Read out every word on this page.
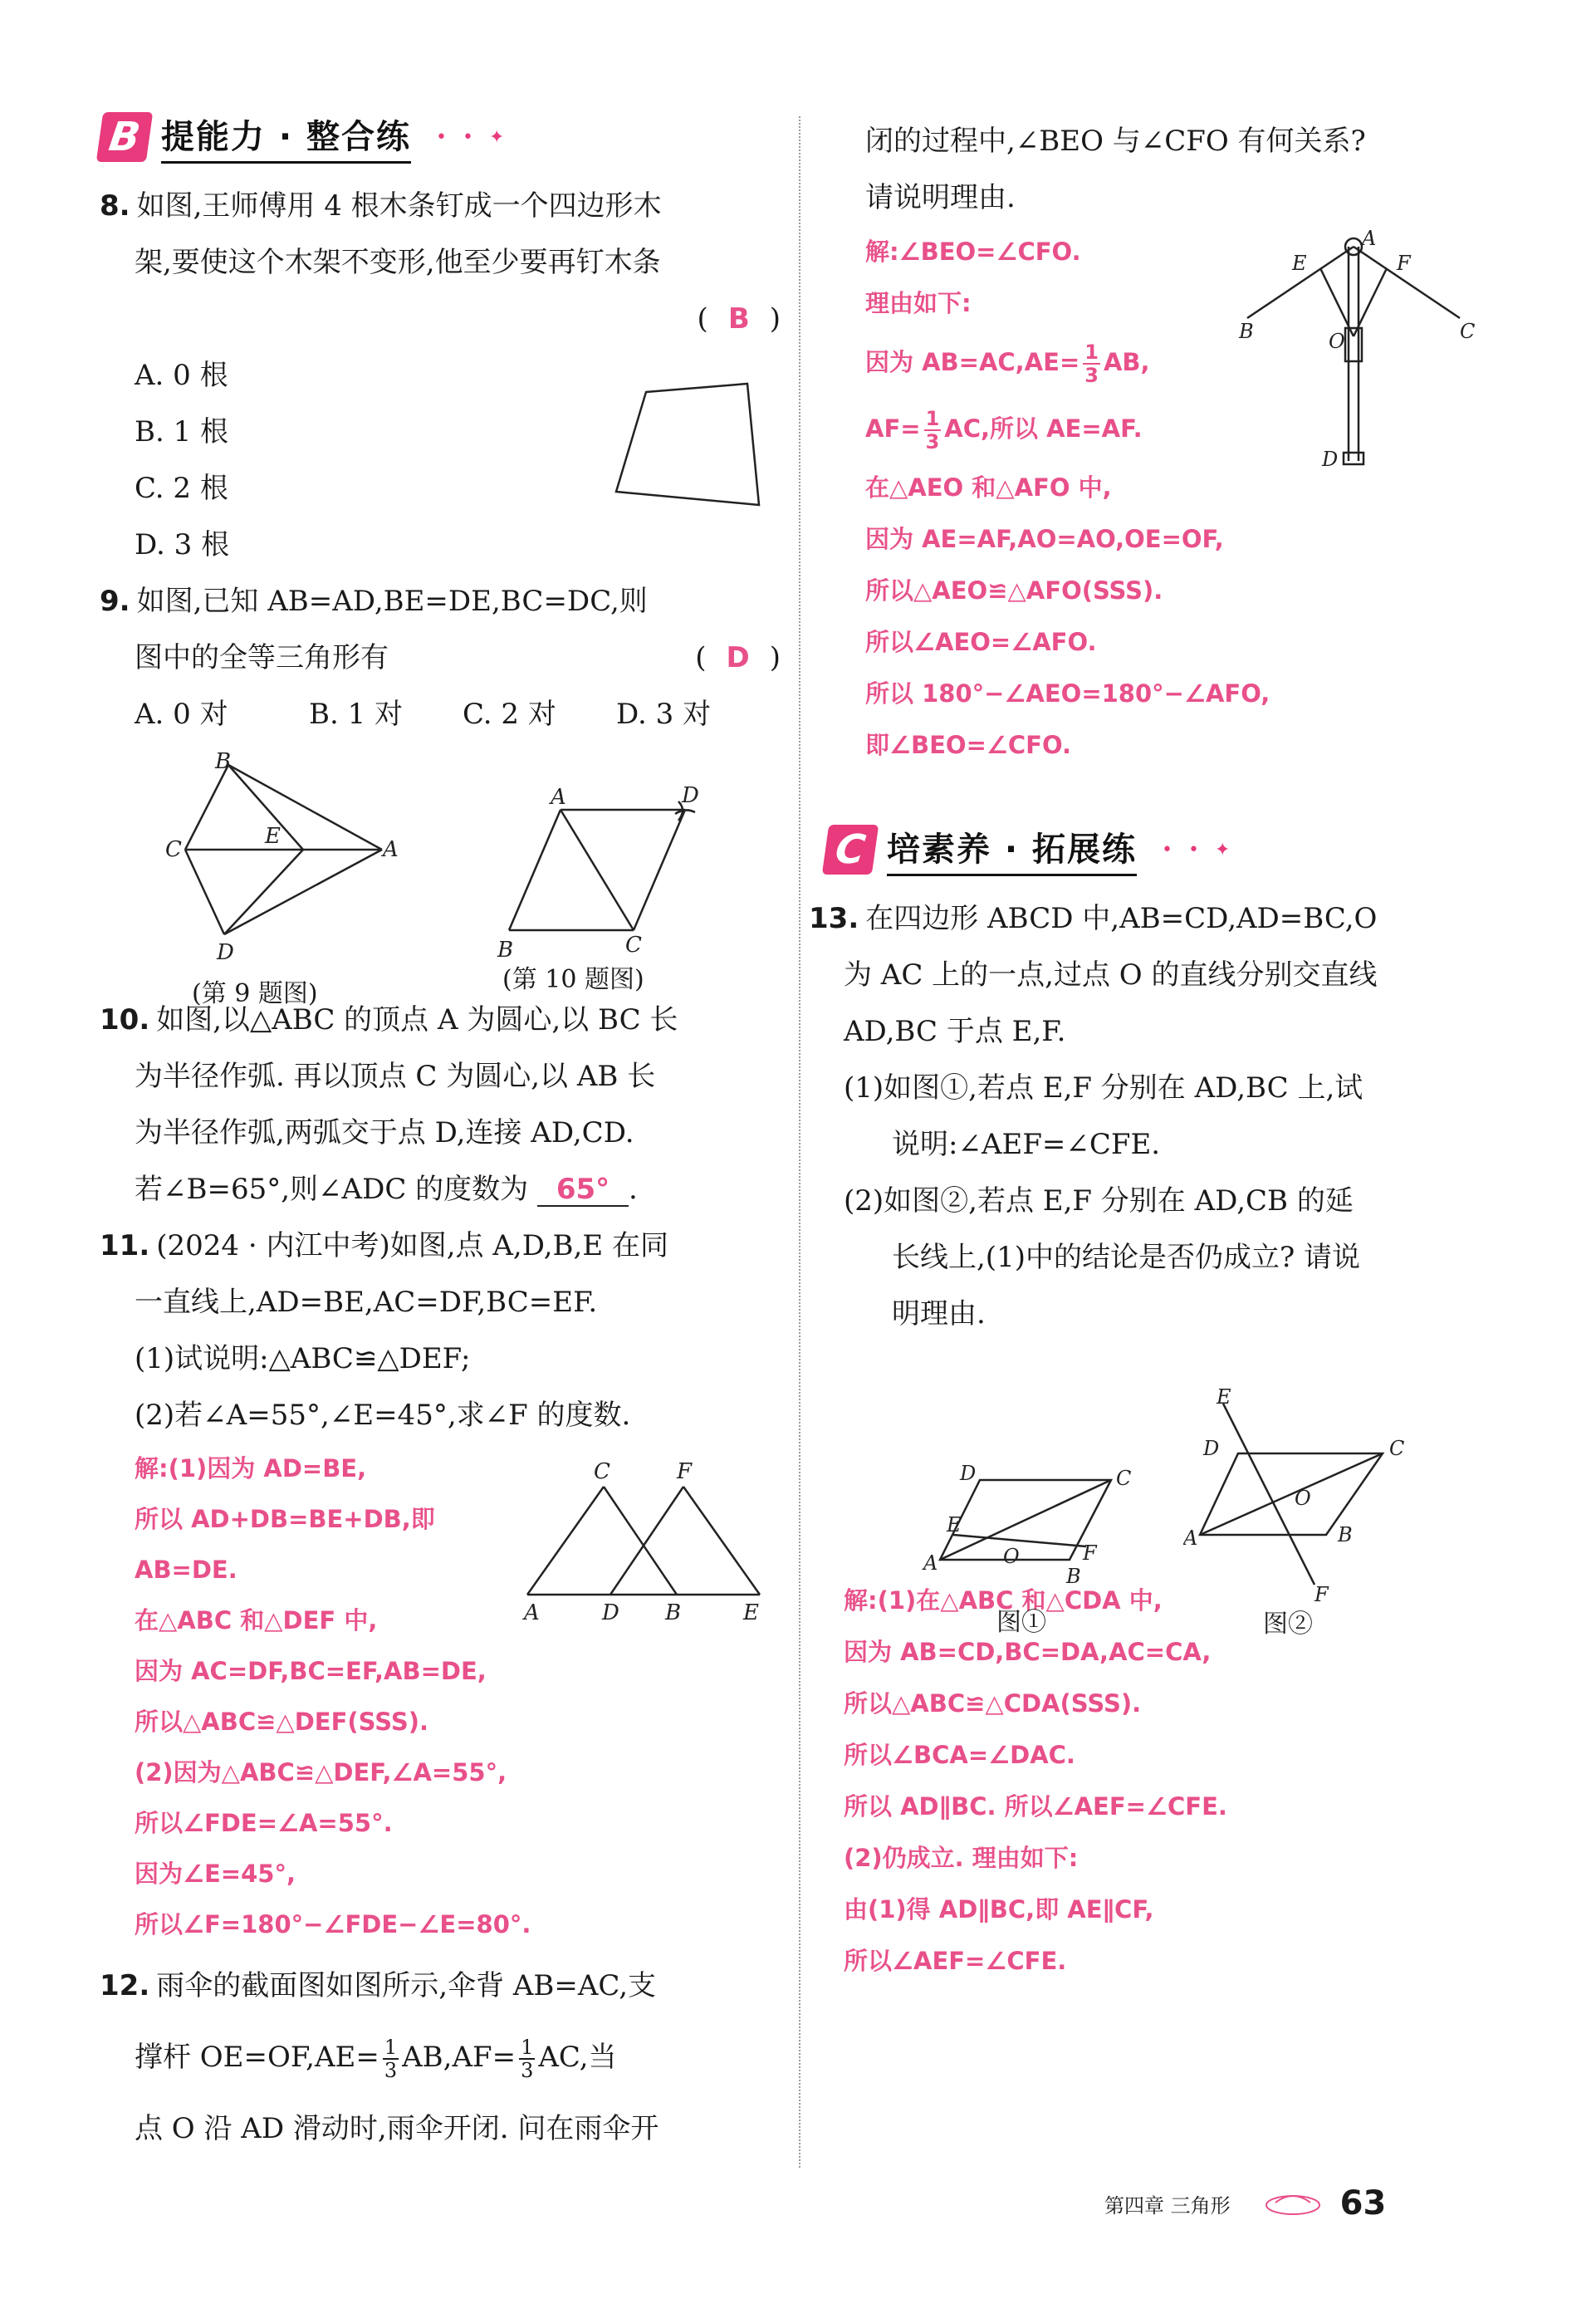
B 提能力 · 整合练 • • ✦
8. 如图,王师傅用 4 根木条钉成一个四边形木
架,要使这个木架不变形,他至少要再钉木条
( B )
A. 0 根
B. 1 根
C. 2 根
D. 3 根
9. 如图,已知 AB=AD,BE=DE,BC=DC,则
图中的全等三角形有	( D )
A. 0 对	B. 1 对	C. 2 对	D. 3 对
10. 如图,以△ABC 的顶点 A 为圆心,以 BC 长
为半径作弧. 再以顶点 C 为圆心,以 AB 长
为半径作弧,两弧交于点 D,连接 AD,CD.
若∠B=65°,则∠ADC 的度数为 65° .
11. (2024 · 内江中考)如图,点 A,D,B,E 在同
一直线上,AD=BE,AC=DF,BC=EF.
(1)试说明:△ABC≌△DEF;
(2)若∠A=55°,∠E=45°,求∠F 的度数.
解:(1)因为 AD=BE,
所以 AD+DB=BE+DB,即
AB=DE.
在△ABC 和△DEF 中,
因为 AC=DF,BC=EF,AB=DE,
所以△ABC≌△DEF(SSS).
(2)因为△ABC≌△DEF,∠A=55°,
所以∠FDE=∠A=55°.
因为∠E=45°,
所以∠F=180°−∠FDE−∠E=80°.
12. 雨伞的截面图如图所示,伞背 AB=AC,支
撑杆 $OE=OF,AE= \frac{1}{3} AB,AF= \frac{1}{3}$ AC,当
点 O 沿 AD 滑动时,雨伞开闭. 问在雨伞开
B
C
E
A
D
(第 9 题图)
A	D
B	C
(第 10 题图)
C	F
A	D B	E
闭的过程中,∠BEO 与∠CFO 有何关系?
请说明理由.
解:∠BEO=∠CFO.
理由如下:
因为 $AB=AC,AE= \frac{1}{3}$ AB,
$AF= \frac{1}{3}$ AC,所以 AE=AF.
在△AEO 和△AFO 中,
因为 AE=AF,AO=AO,OE=OF,
所以△AEO≌△AFO(SSS).
所以∠AEO=∠AFO.
所以 180°−∠AEO=180°−∠AFO,
即∠BEO=∠CFO.
C 培素养 · 拓展练 • • ✦
13. 在四边形 ABCD 中,AB=CD,AD=BC,O
为 AC 上的一点,过点 O 的直线分别交直线
AD,BC 于点 E,F.
(1)如图①,若点 E,F 分别在 AD,BC 上,试
说明:∠AEF=∠CFE.
(2)如图②,若点 E,F 分别在 AD,CB 的延
长线上,(1)中的结论是否仍成立? 请说
明理由.
解:(1)在△ABC 和△CDA 中,
因为 AB=CD,BC=DA,AC=CA,
所以△ABC≌△CDA(SSS).
所以∠BCA=∠DAC.
所以 AD∥BC. 所以∠AEF=∠CFE.
(2)仍成立. 理由如下:
由(1)得 AD∥BC,即 AE∥CF,
所以∠AEF=∠CFE.
A
E	F
B	C
O
D
D	C
E
O	F
A
B
图①
E
D	C
O
A	B
F
图②
第四章 三角形	63
